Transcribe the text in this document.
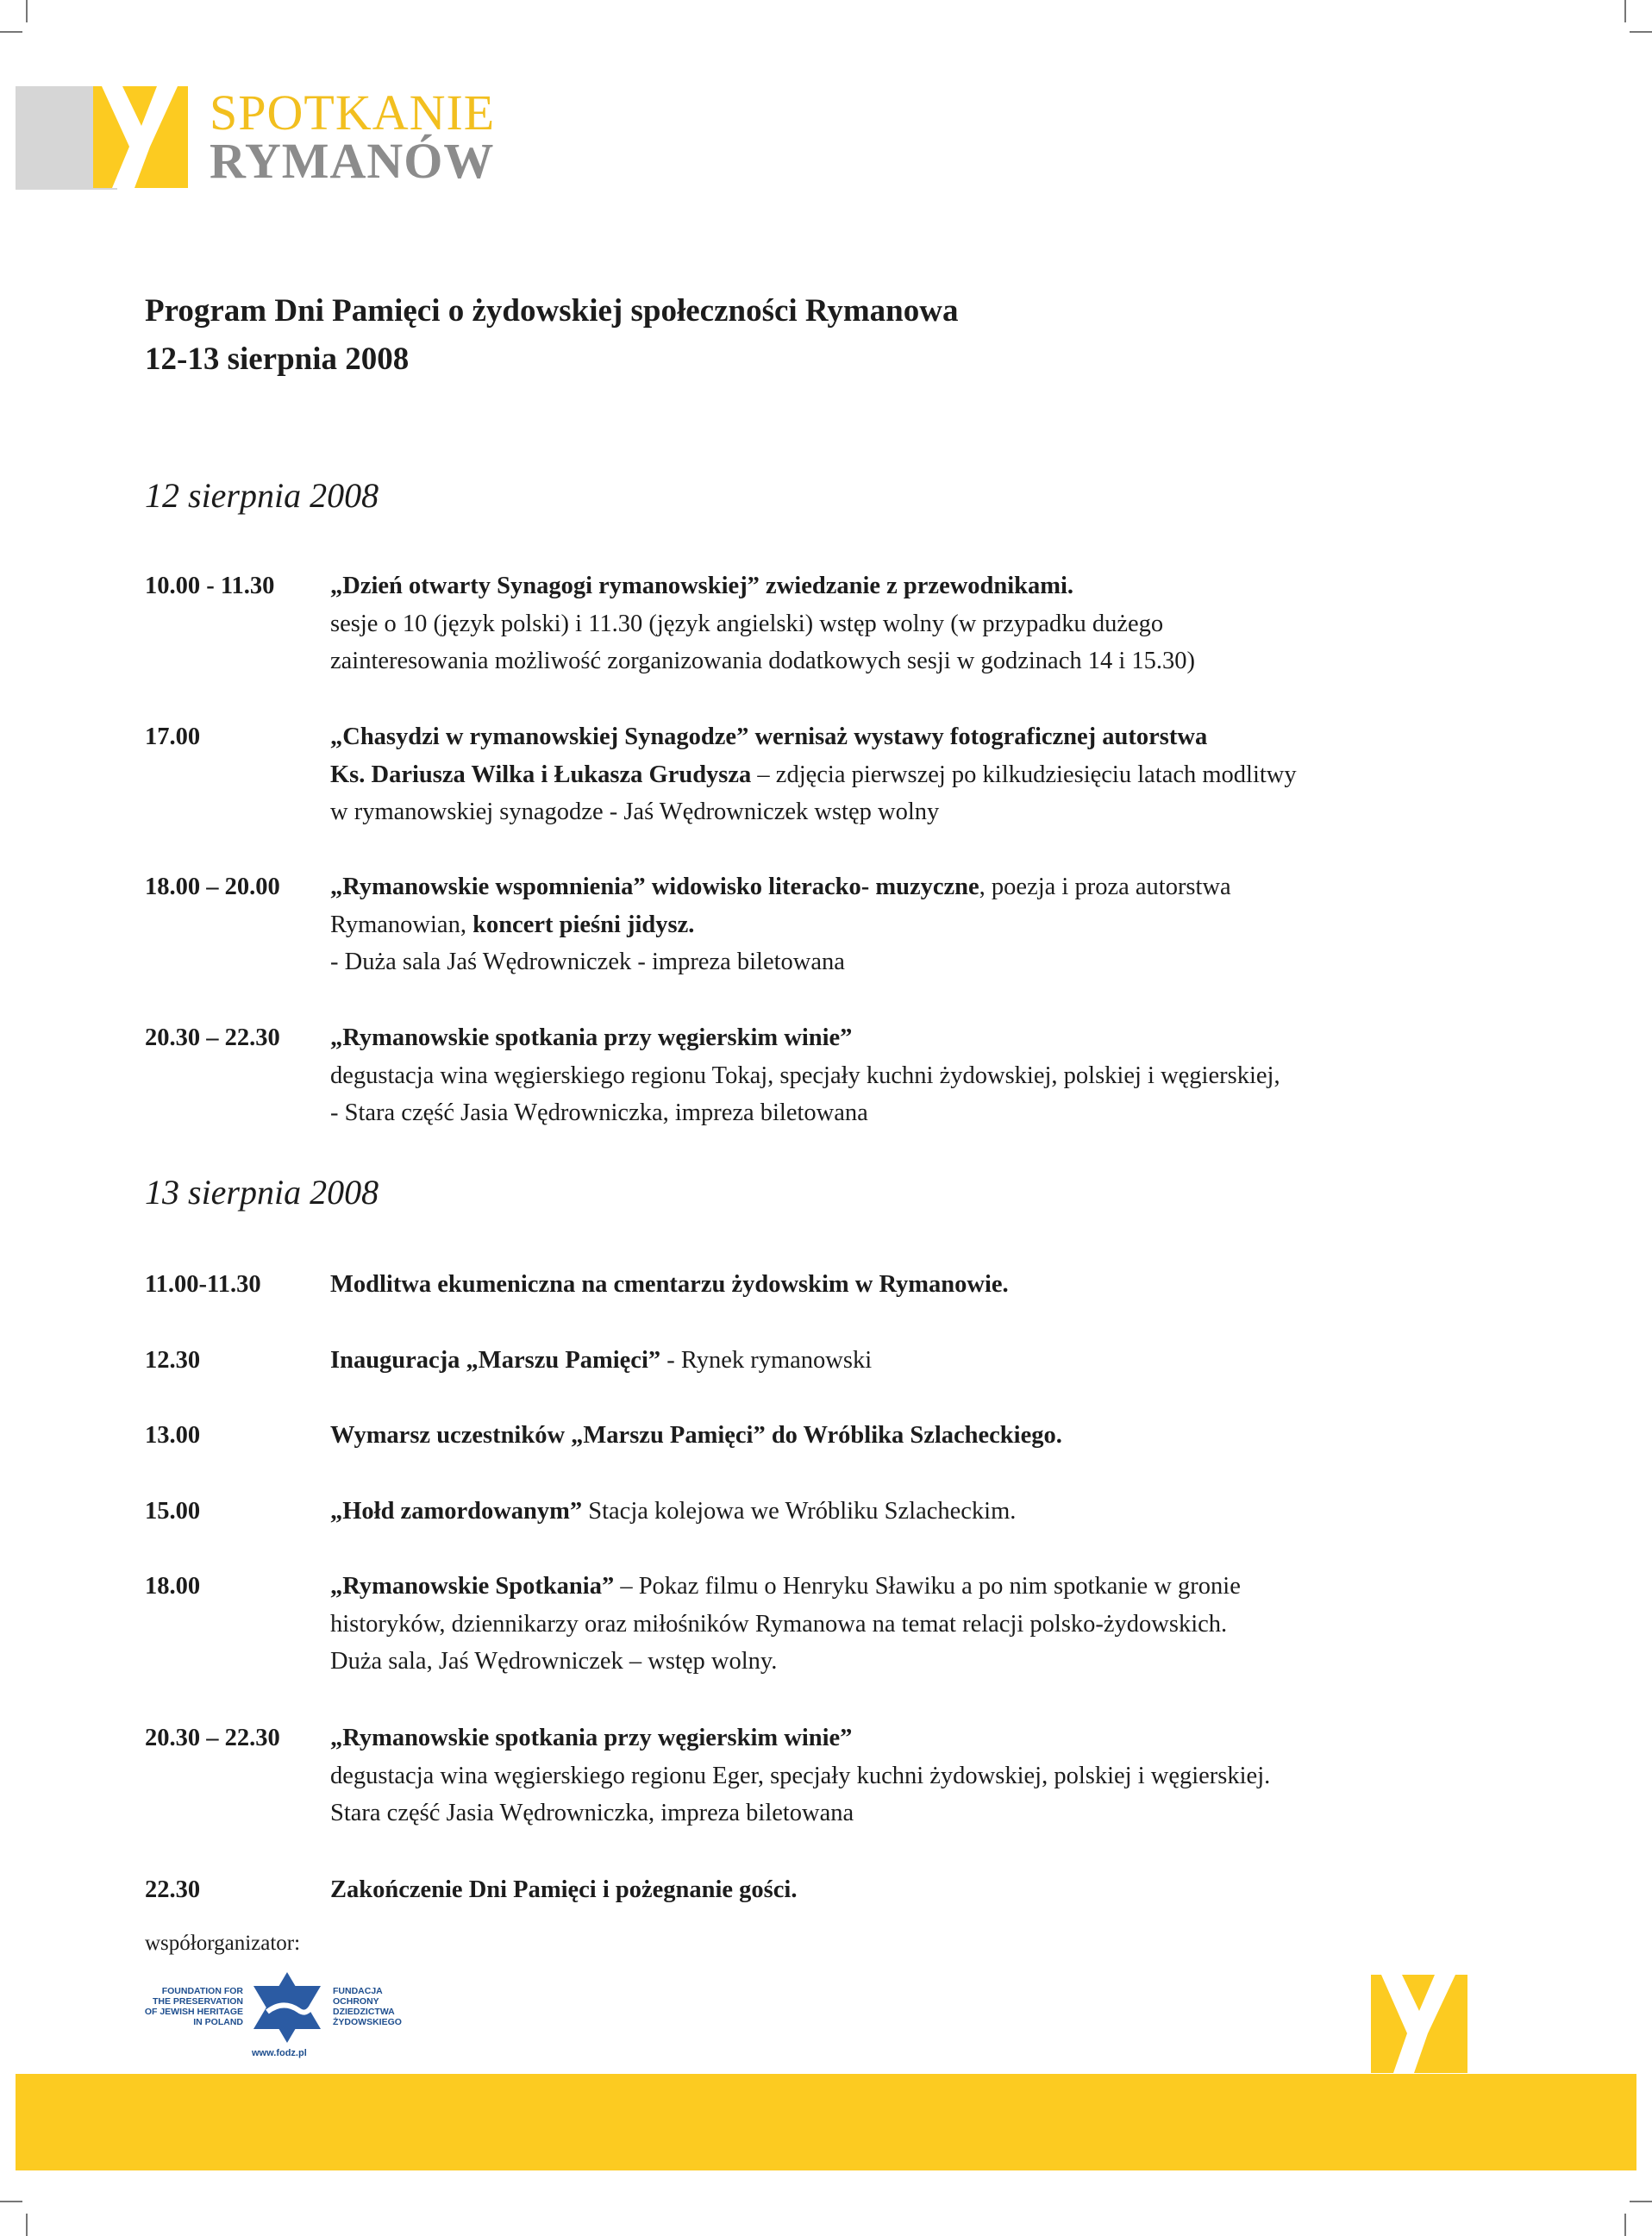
SPOTKANIE
RYMANÓW
Program Dni Pamięci o żydowskiej społeczności Rymanowa
12-13 sierpnia 2008
12 sierpnia 2008
10.00 - 11.30 „Dzień otwarty Synagogi rymanowskiej” zwiedzanie z przewodnikami.
sesje o 10 (język polski) i 11.30 (język angielski) wstęp wolny (w przypadku dużego
zainteresowania możliwość zorganizowania dodatkowych sesji w godzinach 14 i 15.30)
17.00	„Chasydzi w rymanowskiej Synagodze” wernisaż wystawy fotograficznej autorstwa
Ks. Dariusza Wilka i Łukasza Grudysza – zdjęcia pierwszej po kilkudziesięciu latach modlitwy
w rymanowskiej synagodze - Jaś Wędrowniczek wstęp wolny
18.00 – 20.00 „Rymanowskie wspomnienia” widowisko literacko- muzyczne, poezja i proza autorstwa
Rymanowian, koncert pieśni jidysz.
- Duża sala Jaś Wędrowniczek - impreza biletowana
20.30 – 22.30 „Rymanowskie spotkania przy węgierskim winie”
degustacja wina węgierskiego regionu Tokaj, specjały kuchni żydowskiej, polskiej i węgierskiej,
- Stara część Jasia Wędrowniczka, impreza biletowana
13 sierpnia 2008
11.00-11.30	Modlitwa ekumeniczna na cmentarzu żydowskim w Rymanowie.
12.30	Inauguracja „Marszu Pamięci” - Rynek rymanowski
13.00	Wymarsz uczestników „Marszu Pamięci” do Wróblika Szlacheckiego.
15.00	„Hołd zamordowanym” Stacja kolejowa we Wróbliku Szlacheckim.
18.00	„Rymanowskie Spotkania” – Pokaz filmu o Henryku Sławiku a po nim spotkanie w gronie
historyków, dziennikarzy oraz miłośników Rymanowa na temat relacji polsko-żydowskich.
Duża sala, Jaś Wędrowniczek – wstęp wolny.
20.30 – 22.30 „Rymanowskie spotkania przy węgierskim winie”
degustacja wina węgierskiego regionu Eger, specjały kuchni żydowskiej, polskiej i węgierskiej.
Stara część Jasia Wędrowniczka, impreza biletowana
22.30	Zakończenie Dni Pamięci i pożegnanie gości.
współorganizator:
FOUNDATION FOR
THE PRESERVATION
OF JEWISH HERITAGE
IN POLAND
FUNDACJA
OCHRONY
DZIEDZICTWA
ŻYDOWSKIEGO
www.fodz.pl
